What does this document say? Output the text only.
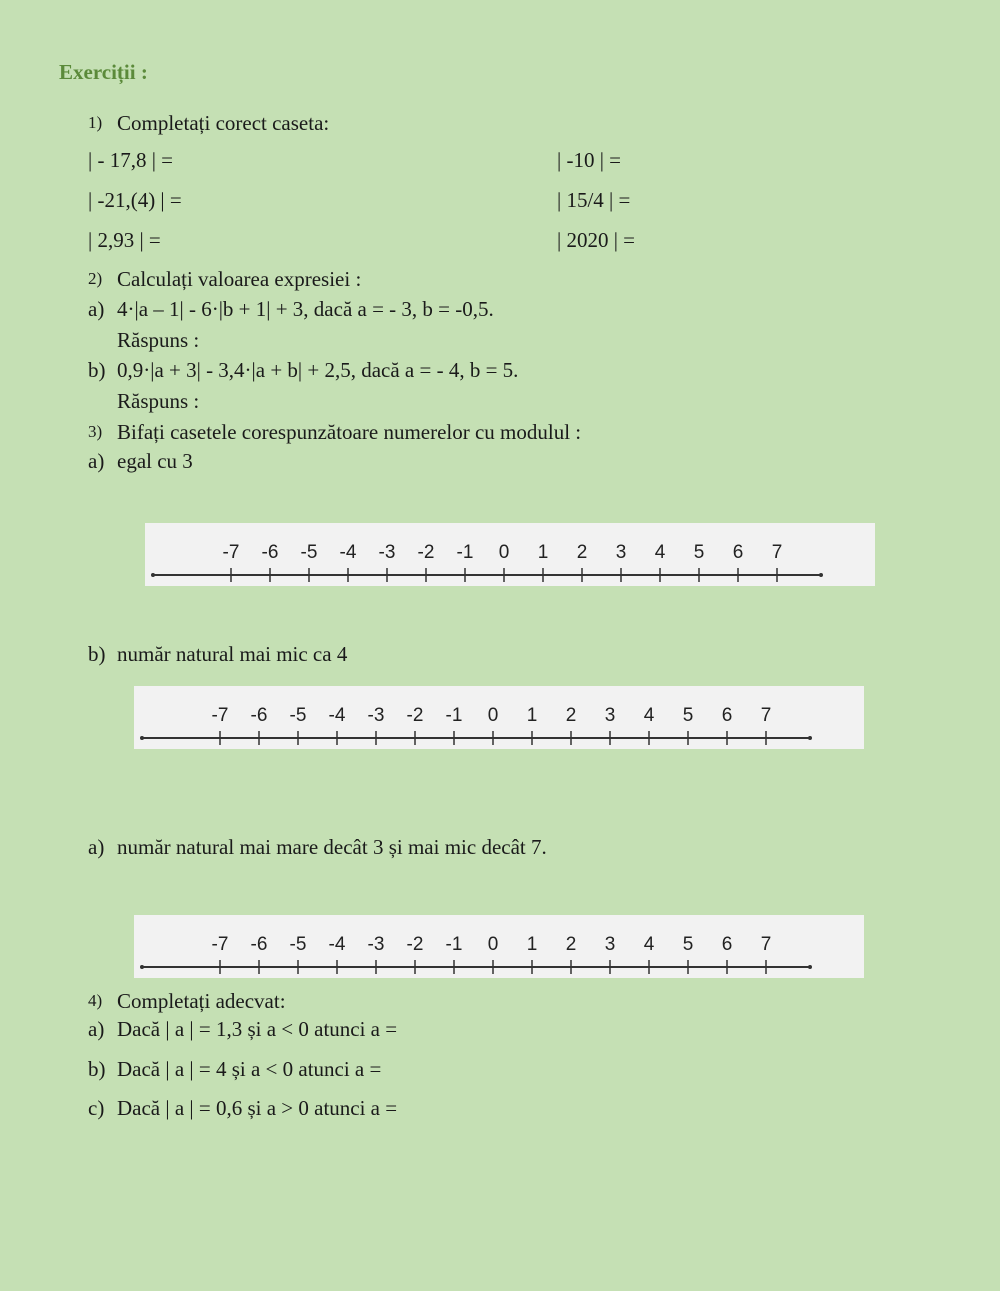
Exerciții :
1) Completați corect caseta:
| - 17,8 | =	| -10 | =
| -21,(4) | =	| 15/4 | =
| 2,93 | =	| 2020 | =
2) Calculați valoarea expresiei :
a) 4·|a – 1| - 6·|b + 1| + 3, dacă a = - 3, b = -0,5.
Răspuns :
b) 0,9·|a + 3| - 3,4·|a + b| + 2,5, dacă a = - 4, b = 5.
Răspuns :
3) Bifați casetele corespunzătoare numerelor cu modulul :
a) egal cu 3
-7 -6 -5 -4 -3 -2 -1 0 1 2 3 4 5 6 7
b) număr natural mai mic ca 4
-7 -6 -5 -4 -3 -2 -1 0 1 2 3 4 5 6 7
a) număr natural mai mare decât 3 și mai mic decât 7.
-7 -6 -5 -4 -3 -2 -1 0 1 2 3 4 5 6 7
4) Completați adecvat:
a) Dacă | a | = 1,3 și a < 0 atunci a =
b) Dacă | a | = 4 și a < 0 atunci a =
c) Dacă | a | = 0,6 și a > 0 atunci a =
